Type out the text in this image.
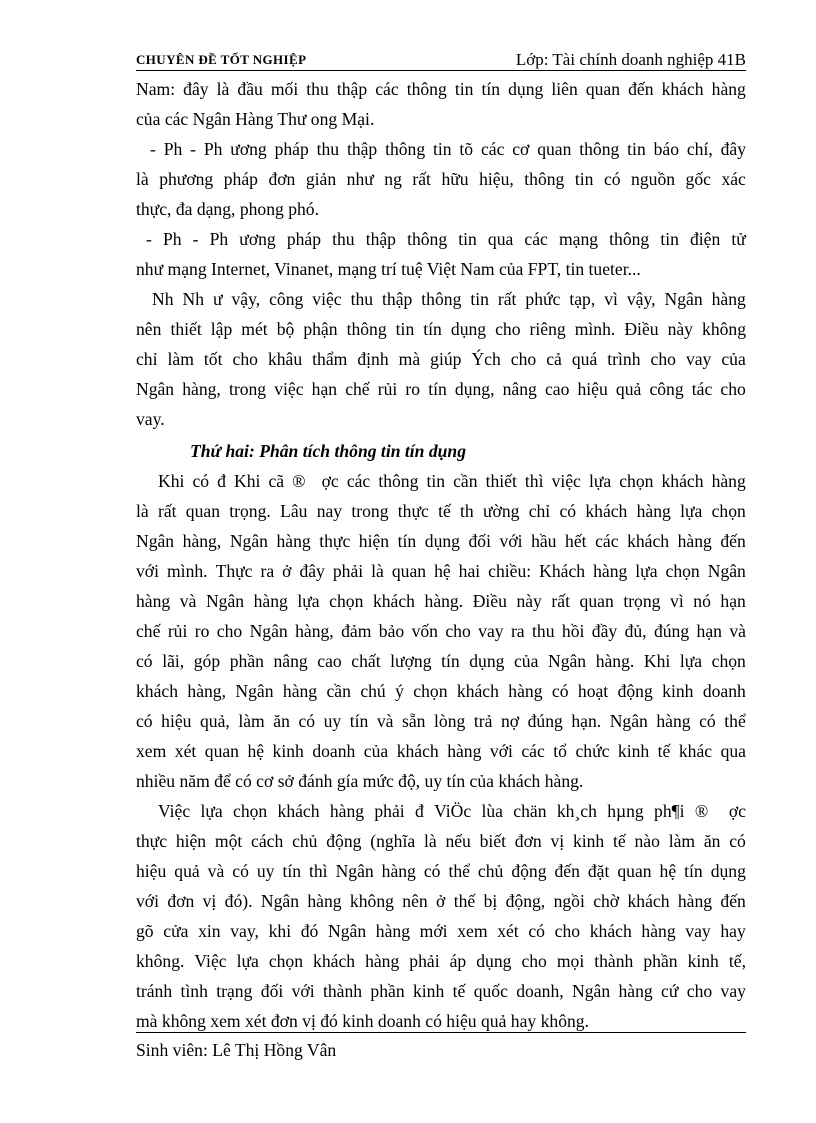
CHUYÊN ĐỀ TỐT NGHIỆP	Lớp: Tài chính doanh nghiệp 41B
Nam: đây là đầu mối thu thập các thông tin tín dụng liên quan đến khách hàng
của các Ngân Hàng Thư ong Mại.
- Ph - Ph ương pháp thu thập thông tin tõ các cơ quan thông tin báo chí, đây
là phương pháp đơn giản như ng rất hữu hiệu, thông tin có nguồn gốc xác
thực, đa dạng, phong phó.
- Ph - Ph ương pháp thu thập thông tin qua các mạng thông tin điện tử
như mạng Internet, Vinanet, mạng trí tuệ Việt Nam của FPT, tin tueter...
Nh Nh ư vậy, công việc thu thập thông tin rất phức tạp, vì vậy, Ngân hàng
nên thiết lập mét bộ phận thông tin tín dụng cho riêng mình. Điều này không
chỉ làm tốt cho khâu thẩm định mà giúp Ých cho cả quá trình cho vay của
Ngân hàng, trong việc hạn chế rủi ro tín dụng, nâng cao hiệu quả công tác cho
vay.
Thứ hai: Phân tích thông tin tín dụng
Khi có đ Khi cã ® ợc các thông tin cần thiết thì việc lựa chọn khách hàng
là rất quan trọng. Lâu nay trong thực tế th ường chỉ có khách hàng lựa chọn
Ngân hàng, Ngân hàng thực hiện tín dụng đối với hầu hết các khách hàng đến
với mình. Thực ra ở đây phải là quan hệ hai chiều: Khách hàng lựa chọn Ngân
hàng và Ngân hàng lựa chọn khách hàng. Điều này rất quan trọng vì nó hạn
chế rủi ro cho Ngân hàng, đảm bảo vốn cho vay ra thu hồi đầy đủ, đúng hạn và
có lãi, góp phần nâng cao chất lượng tín dụng của Ngân hàng. Khi lựa chọn
khách hàng, Ngân hàng cần chú ý chọn khách hàng có hoạt động kinh doanh
có hiệu quả, làm ăn có uy tín và sẵn lòng trả nợ đúng hạn. Ngân hàng có thể
xem xét quan hệ kinh doanh của khách hàng với các tổ chức kinh tế khác qua
nhiều năm để có cơ sở đánh gía mức độ, uy tín của khách hàng.
Việc lựa chọn khách hàng phải đ ViÖc lùa chän kh¸ch hµng ph¶i ® ợc
thực hiện một cách chủ động (nghĩa là nếu biết đơn vị kinh tế nào làm ăn có
hiệu quả và có uy tín thì Ngân hàng có thể chủ động đến đặt quan hệ tín dụng
với đơn vị đó). Ngân hàng không nên ở thế bị động, ngồi chờ khách hàng đến
gõ cửa xin vay, khi đó Ngân hàng mới xem xét có cho khách hàng vay hay
không. Việc lựa chọn khách hàng phải áp dụng cho mọi thành phần kinh tế,
tránh tình trạng đối với thành phần kinh tế quốc doanh, Ngân hàng cứ cho vay
mà không xem xét đơn vị đó kinh doanh có hiệu quả hay không.
Sinh viên: Lê Thị Hồng Vân
